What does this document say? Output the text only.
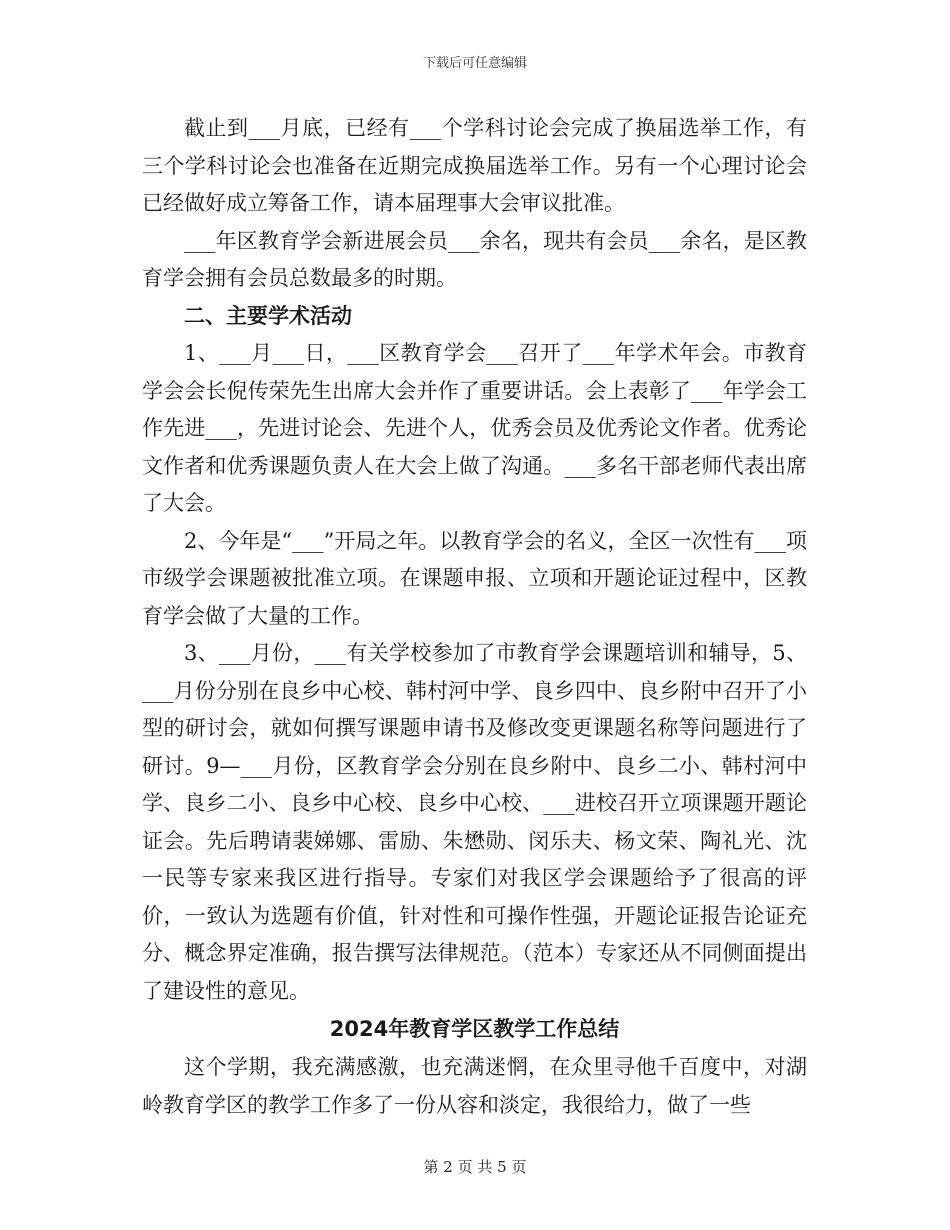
下载后可任意编辑

截止到___月底，已经有___个学科讨论会完成了换届选举工作，有三个学科讨论会也准备在近期完成换届选举工作。另有一个心理讨论会已经做好成立筹备工作，请本届理事大会审议批准。

___年区教育学会新进展会员___余名，现共有会员___余名，是区教育学会拥有会员总数最多的时期。

二、主要学术活动

1、___月___日，___区教育学会___召开了___年学术年会。市教育学会会长倪传荣先生出席大会并作了重要讲话。会上表彰了___年学会工作先进___，先进讨论会、先进个人，优秀会员及优秀论文作者。优秀论文作者和优秀课题负责人在大会上做了沟通。___多名干部老师代表出席了大会。

2、今年是“___”开局之年。以教育学会的名义，全区一次性有___项市级学会课题被批准立项。在课题申报、立项和开题论证过程中，区教育学会做了大量的工作。

3、___月份，___有关学校参加了市教育学会课题培训和辅导，5、___月份分别在良乡中心校、韩村河中学、良乡四中、良乡附中召开了小型的研讨会，就如何撰写课题申请书及修改变更课题名称等问题进行了研讨。9—___月份，区教育学会分别在良乡附中、良乡二小、韩村河中学、良乡二小、良乡中心校、良乡中心校、___进校召开立项课题开题论证会。先后聘请裴娣娜、雷励、朱懋勋、闵乐夫、杨文荣、陶礼光、沈一民等专家来我区进行指导。专家们对我区学会课题给予了很高的评价，一致认为选题有价值，针对性和可操作性强，开题论证报告论证充分、概念界定准确，报告撰写法律规范。（范本）专家还从不同侧面提出了建设性的意见。

2024年教育学区教学工作总结

这个学期，我充满感激，也充满迷惘，在众里寻他千百度中，对湖岭教育学区的教学工作多了一份从容和淡定，我很给力，做了一些

第 2 页 共 5 页
